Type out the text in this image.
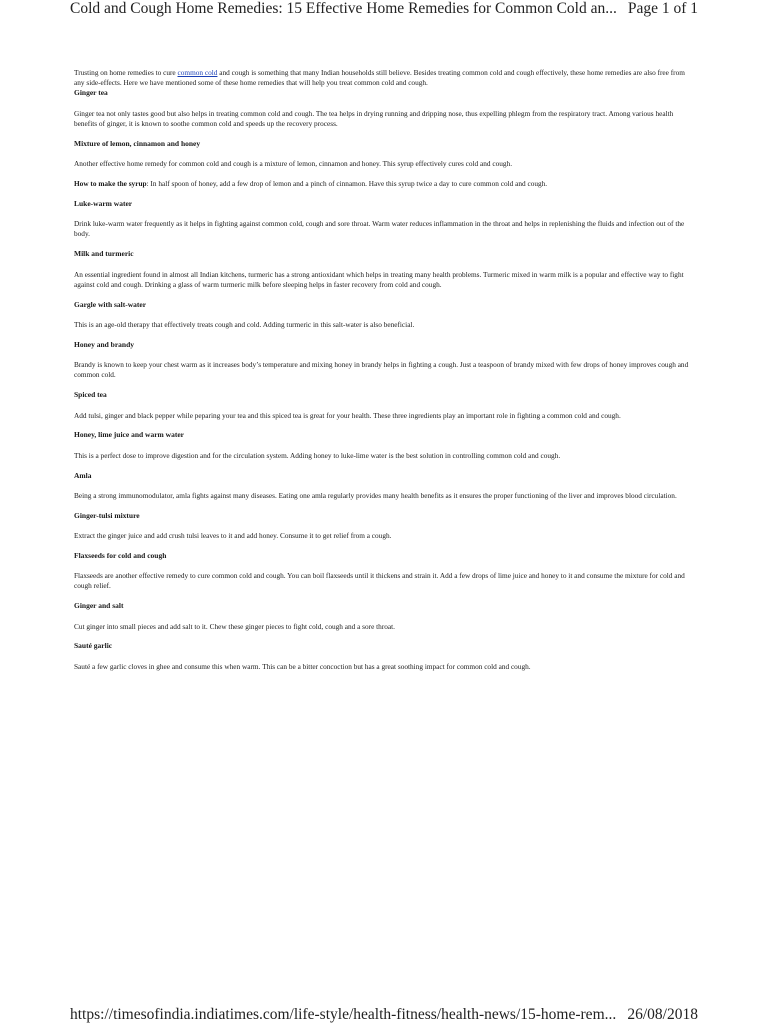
Cold and Cough Home Remedies: 15 Effective Home Remedies for Common Cold an... Page 1 of 1

Trusting on home remedies to cure common cold and cough is something that many Indian households still believe. Besides treating common cold and cough effectively, these home remedies are also free from any side-effects. Here we have mentioned some of these home remedies that will help you treat common cold and cough.

Ginger tea

Ginger tea not only tastes good but also helps in treating common cold and cough. The tea helps in drying running and dripping nose, thus expelling phlegm from the respiratory tract. Among various health benefits of ginger, it is known to soothe common cold and speeds up the recovery process.

Mixture of lemon, cinnamon and honey

Another effective home remedy for common cold and cough is a mixture of lemon, cinnamon and honey. This syrup effectively cures cold and cough.

How to make the syrup: In half spoon of honey, add a few drop of lemon and a pinch of cinnamon. Have this syrup twice a day to cure common cold and cough.

Luke-warm water

Drink luke-warm water frequently as it helps in fighting against common cold, cough and sore throat. Warm water reduces inflammation in the throat and helps in replenishing the fluids and infection out of the body.

Milk and turmeric

An essential ingredient found in almost all Indian kitchens, turmeric has a strong antioxidant which helps in treating many health problems. Turmeric mixed in warm milk is a popular and effective way to fight against cold and cough. Drinking a glass of warm turmeric milk before sleeping helps in faster recovery from cold and cough.

Gargle with salt-water

This is an age-old therapy that effectively treats cough and cold. Adding turmeric in this salt-water is also beneficial.

Honey and brandy

Brandy is known to keep your chest warm as it increases body’s temperature and mixing honey in brandy helps in fighting a cough. Just a teaspoon of brandy mixed with few drops of honey improves cough and common cold.

Spiced tea

Add tulsi, ginger and black pepper while peparing your tea and this spiced tea is great for your health. These three ingredients play an important role in fighting a common cold and cough.

Honey, lime juice and warm water

This is a perfect dose to improve digestion and for the circulation system. Adding honey to luke-lime water is the best solution in controlling common cold and cough.

Amla

Being a strong immunomodulator, amla fights against many diseases. Eating one amla regularly provides many health benefits as it ensures the proper functioning of the liver and improves blood circulation.

Ginger-tulsi mixture

Extract the ginger juice and add crush tulsi leaves to it and add honey. Consume it to get relief from a cough.

Flaxseeds for cold and cough

Flaxseeds are another effective remedy to cure common cold and cough. You can boil flaxseeds until it thickens and strain it. Add a few drops of lime juice and honey to it and consume the mixture for cold and cough relief.

Ginger and salt

Cut ginger into small pieces and add salt to it. Chew these ginger pieces to fight cold, cough and a sore throat.

Sauté garlic

Sauté a few garlic cloves in ghee and consume this when warm. This can be a bitter concoction but has a great soothing impact for common cold and cough.

https://timesofindia.indiatimes.com/life-style/health-fitness/health-news/15-home-rem... 26/08/2018
